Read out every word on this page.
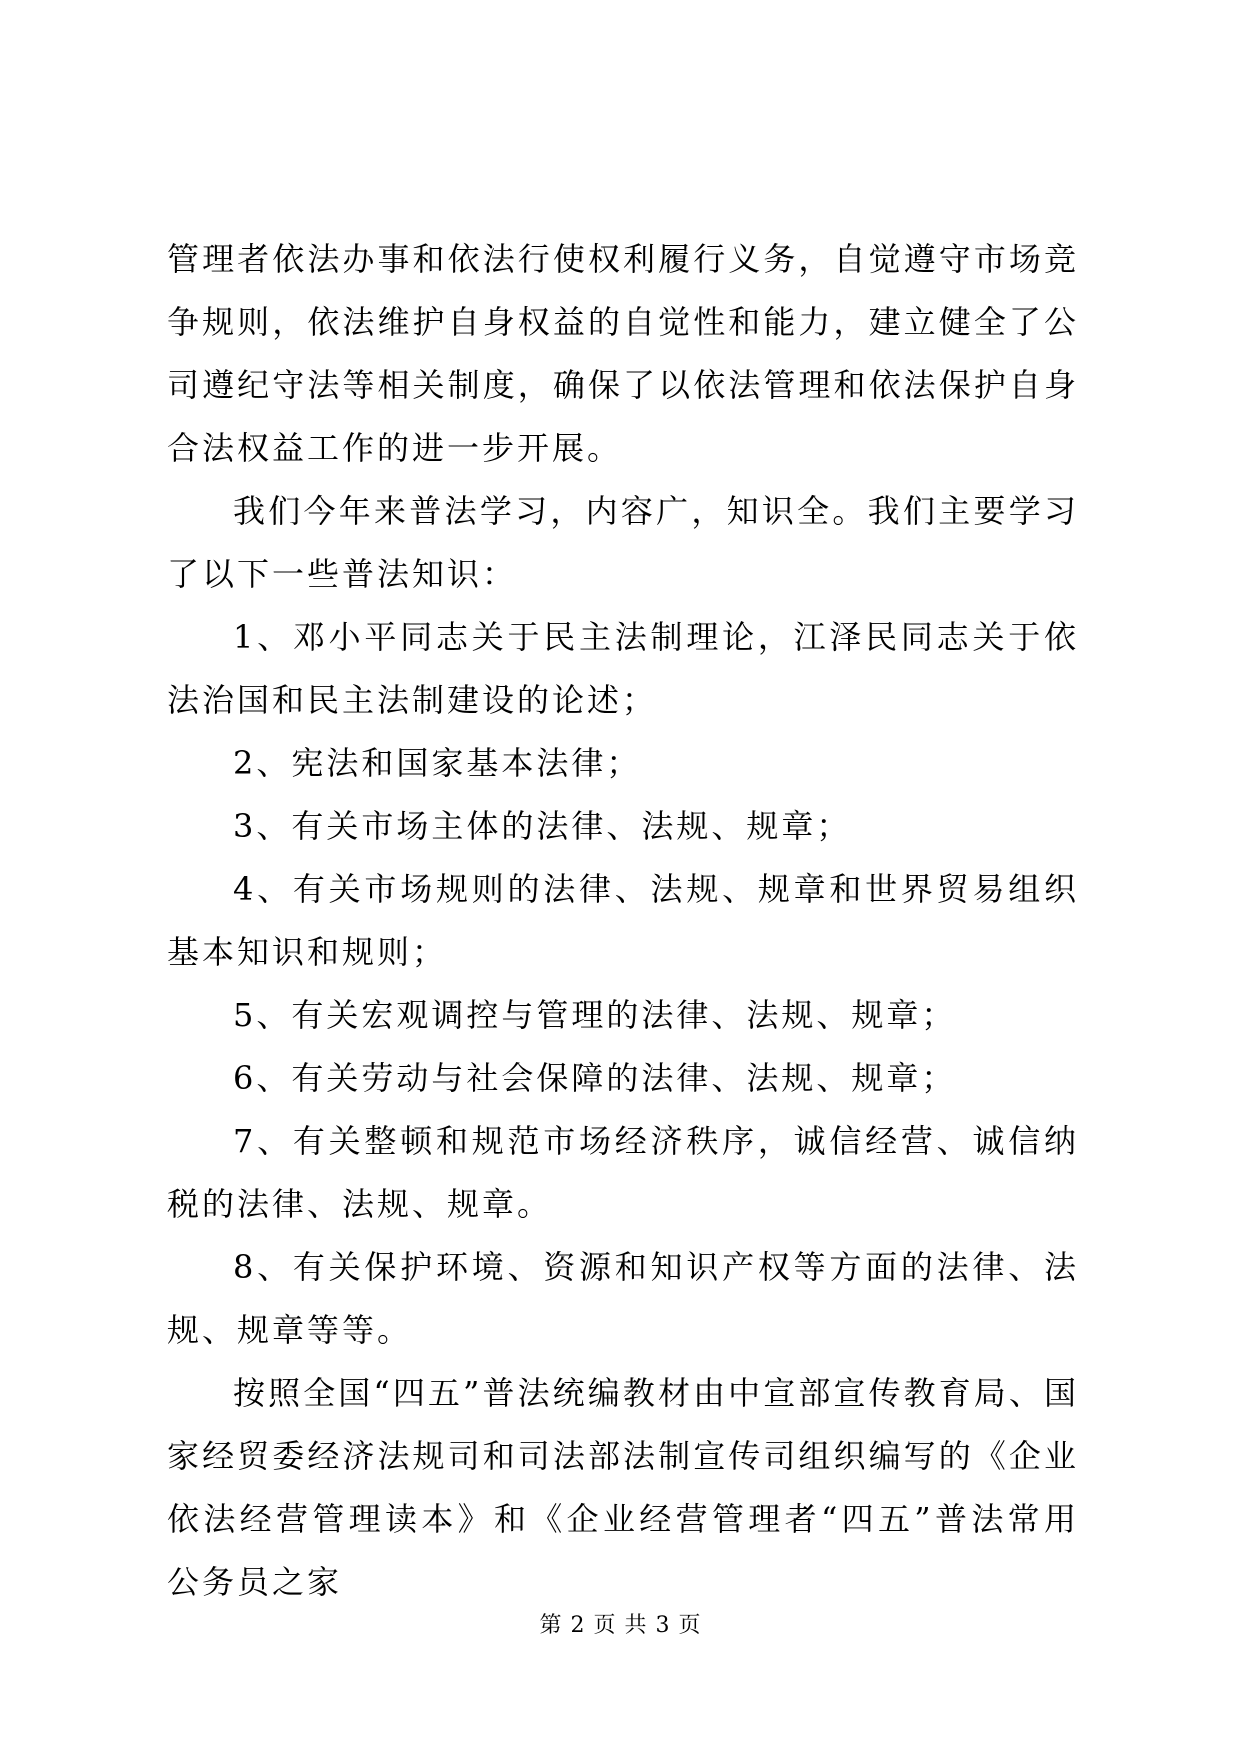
管理者依法办事和依法行使权利履行义务，自觉遵守市场竞争规则，依法维护自身权益的自觉性和能力，建立健全了公司遵纪守法等相关制度，确保了以依法管理和依法保护自身合法权益工作的进一步开展。

我们今年来普法学习，内容广，知识全。我们主要学习了以下一些普法知识：

1、邓小平同志关于民主法制理论，江泽民同志关于依法治国和民主法制建设的论述；

2、宪法和国家基本法律；

3、有关市场主体的法律、法规、规章；

4、有关市场规则的法律、法规、规章和世界贸易组织基本知识和规则；

5、有关宏观调控与管理的法律、法规、规章；

6、有关劳动与社会保障的法律、法规、规章；

7、有关整顿和规范市场经济秩序，诚信经营、诚信纳税的法律、法规、规章。

8、有关保护环境、资源和知识产权等方面的法律、法规、规章等等。

按照全国“四五”普法统编教材由中宣部宣传教育局、国家经贸委经济法规司和司法部法制宣传司组织编写的《企业依法经营管理读本》和《企业经营管理者“四五”普法常用公务员之家

第 2 页 共 3 页
